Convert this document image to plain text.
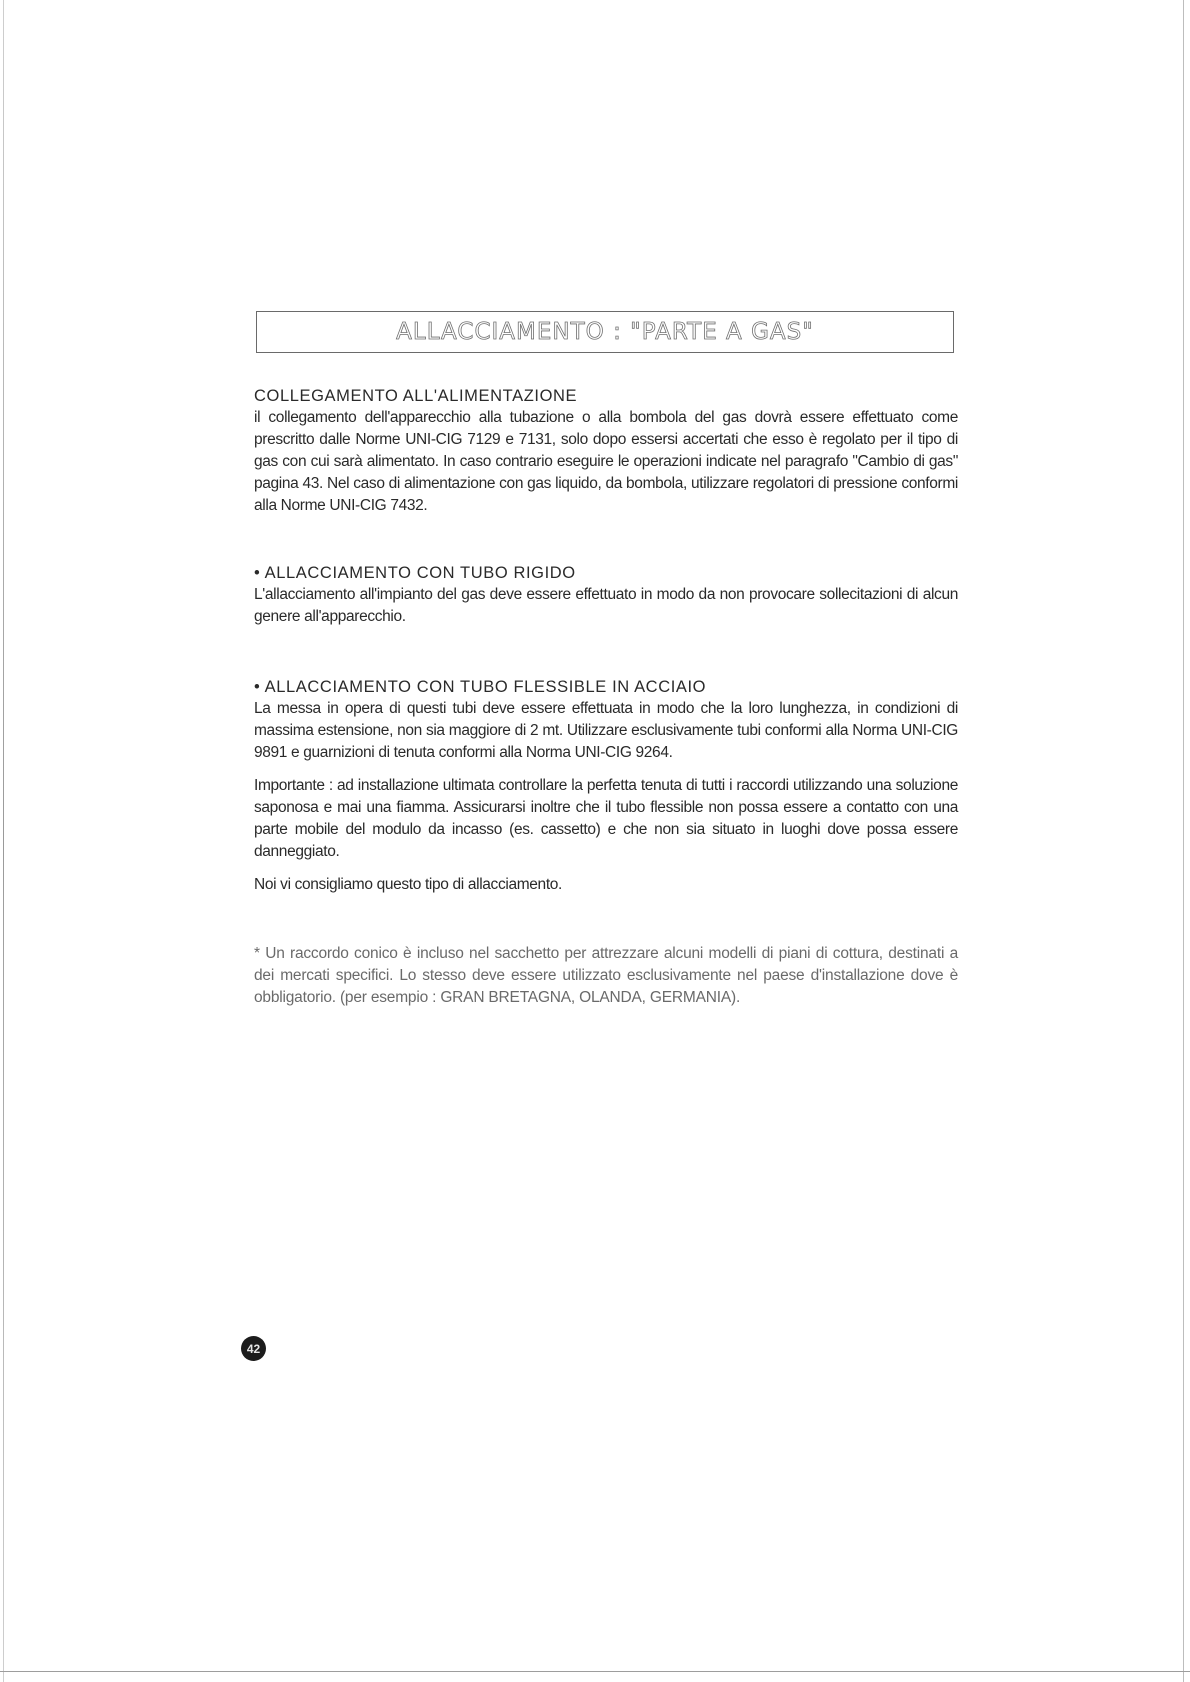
ALLACCIAMENTO : "PARTE A GAS"

COLLEGAMENTO ALL'ALIMENTAZIONE

il collegamento dell'apparecchio alla tubazione o alla bombola del gas dovrà essere effettuato come prescritto dalle Norme UNI-CIG 7129 e 7131, solo dopo essersi accertati che esso è regolato per il tipo di gas con cui sarà alimentato. In caso contrario eseguire le operazioni indicate nel paragrafo "Cambio di gas" pagina 43. Nel caso di alimentazione con gas liquido, da bombola, utilizzare regolatori di pressione conformi alla Norme UNI-CIG 7432.

• ALLACCIAMENTO CON TUBO RIGIDO

L'allacciamento all'impianto del gas deve essere effettuato in modo da non provocare sollecitazioni di alcun genere all'apparecchio.

• ALLACCIAMENTO CON TUBO FLESSIBLE IN ACCIAIO

La messa in opera di questi tubi deve essere effettuata in modo che la loro lunghezza, in condizioni di massima estensione, non sia maggiore di 2 mt. Utilizzare esclusivamente tubi conformi alla Norma UNI-CIG 9891 e guarnizioni di tenuta conformi alla Norma UNI-CIG 9264.

Importante : ad installazione ultimata controllare la perfetta tenuta di tutti i raccordi utilizzando una soluzione saponosa e mai una fiamma. Assicurarsi inoltre che il tubo flessible non possa essere a contatto con una parte mobile del modulo da incasso (es. cassetto) e che non sia situato in luoghi dove possa essere danneggiato.

Noi vi consigliamo questo tipo di allacciamento.

* Un raccordo conico è incluso nel sacchetto per attrezzare alcuni modelli di piani di cottura, destinati a dei mercati specifici. Lo stesso deve essere utilizzato esclusivamente nel paese d'installazione dove è obbligatorio. (per esempio : GRAN BRETAGNA, OLANDA, GERMANIA).

42
